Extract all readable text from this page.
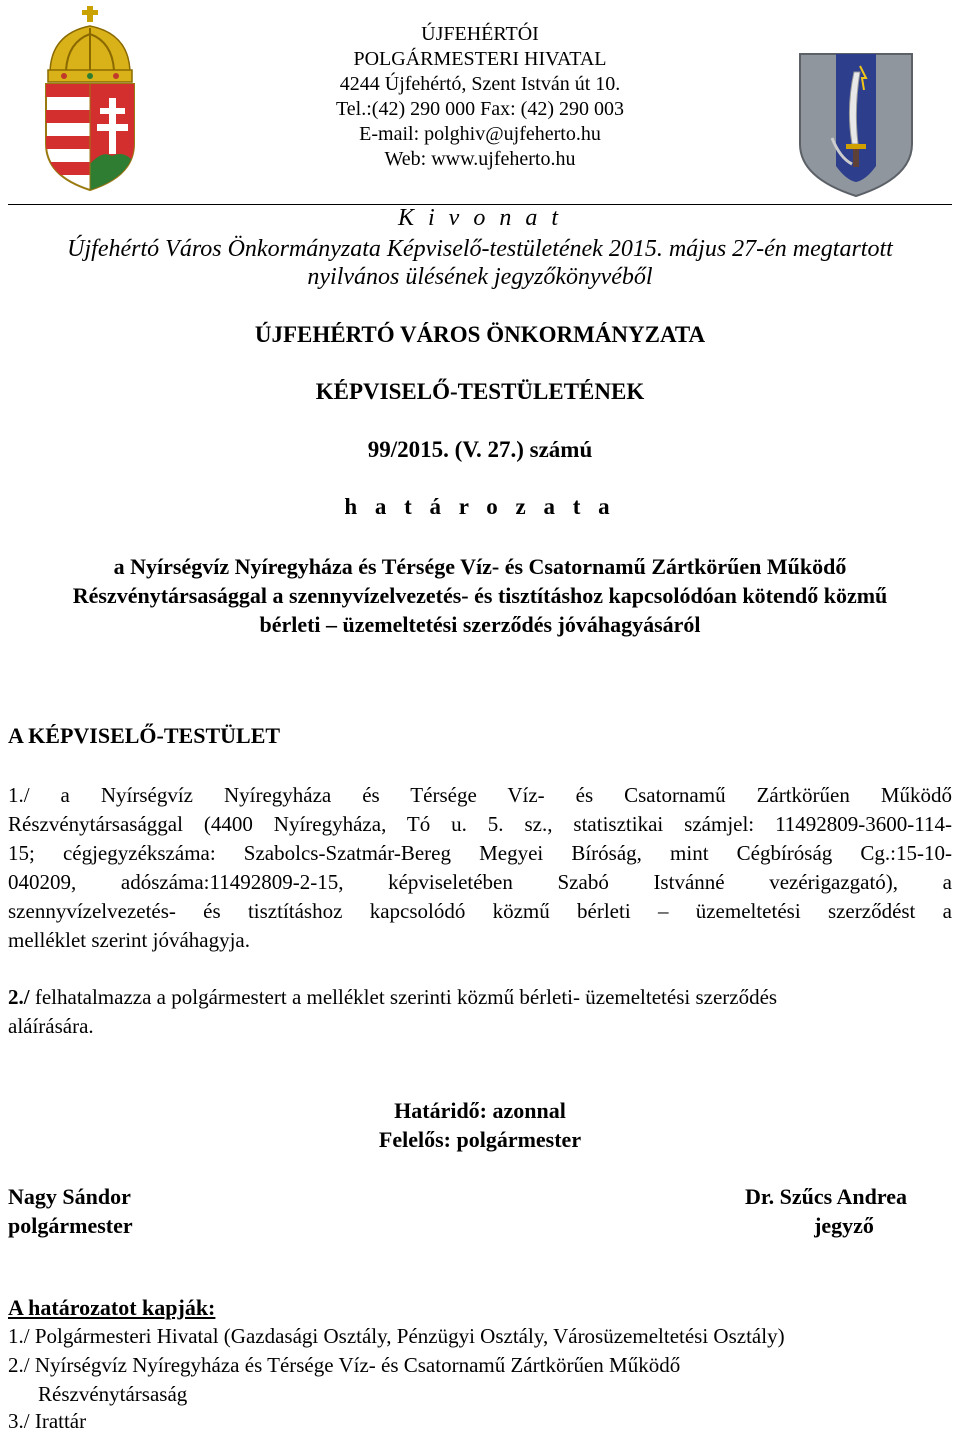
ÚJFEHÉRTÓI
POLGÁRMESTERI HIVATAL
4244 Újfehértó, Szent István út 10.
Tel.:(42) 290 000 Fax: (42) 290 003
E-mail: polghiv@ujfeherto.hu
Web: www.ujfeherto.hu
K i v o n a t
Újfehértó Város Önkormányzata Képviselő-testületének 2015. május 27-én megtartott
nyilvános ülésének jegyzőkönyvéből
ÚJFEHÉRTÓ VÁROS ÖNKORMÁNYZATA
KÉPVISELŐ-TESTÜLETÉNEK
99/2015. (V. 27.) számú
h a t á r o z a t a
a Nyírségvíz Nyíregyháza és Térsége Víz- és Csatornamű Zártkörűen Működő
Részvénytársasággal a szennyvízelvezetés- és tisztításhoz kapcsolódóan kötendő közmű
bérleti – üzemeltetési szerződés jóváhagyásáról
A KÉPVISELŐ-TESTÜLET
1./ a Nyírségvíz Nyíregyháza és Térsége Víz- és Csatornamű Zártkörűen Működő
Részvénytársasággal (4400 Nyíregyháza, Tó u. 5. sz., statisztikai számjel: 11492809-3600-114-
15; cégjegyzékszáma: Szabolcs-Szatmár-Bereg Megyei Bíróság, mint Cégbíróság Cg.:15-10-
040209, adószáma:11492809-2-15, képviseletében Szabó Istvánné vezérigazgató), a
szennyvízelvezetés- és tisztításhoz kapcsolódó közmű bérleti – üzemeltetési szerződést a
melléklet szerint jóváhagyja.
2./ felhatalmazza a polgármestert a melléklet szerinti közmű bérleti- üzemeltetési szerződés
aláírására.
Határidő: azonnal
Felelős: polgármester
Nagy Sándor
polgármester
Dr. Szűcs Andrea
jegyző
A határozatot kapják:
1./ Polgármesteri Hivatal (Gazdasági Osztály, Pénzügyi Osztály, Városüzemeltetési Osztály)
2./ Nyírségvíz Nyíregyháza és Térsége Víz- és Csatornamű Zártkörűen Működő
Részvénytársaság
3./ Irattár
